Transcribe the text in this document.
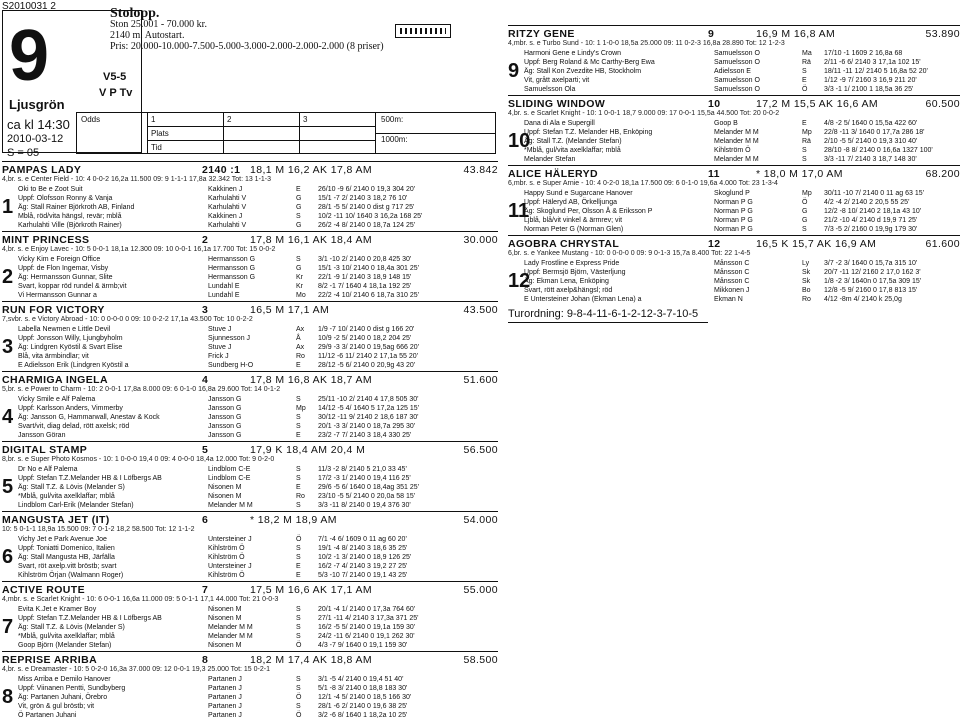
S2010031 2
9	V5-5
V P Tv
Ljusgrön
ca kl 14:30
2010-03-12
S = 05
Stolopp.
Ston 25.001 - 70.000 kr.
2140 m. Autostart.
Pris: 20.000-10.000-7.500-5.000-3.000-2.000-2.000-2.000 (8 priser)
Odds	1	2	3
Plats
Tid
500m:
1000m:
PAMPAS LADY	2140 :1 18,1 M 16,2 AK 17,8 AM	43.842
4,br. s. e Center Field - 10: 4 0-0-2 16,2a 11.500 09: 9 1-1-1 17,8a 32.342 Tot: 13 1-1-3
Oki to Be e Zoot Suit	Kakkinen J	E	26/10 -9 6/ 2140 0 19,3 304 20'
Uppf: Olofsson Ronny & Vanja	Karhulahti V	G	15/1 -7 2/ 2140 3 18,2 76 10'
1 Äg: Stall Rainer Björkroth AB, Finland	Karhulahti V	G	28/1 -5 5/ 2140 0 dist g 717 25'
Mblå, röd/vita hängsl, revär; mblå	Kakkinen J	S	10/2 -11 10/ 1640 3 16,2a 168 25'
Karhulahti Ville (Björkroth Rainer)	Karhulahti V	G	26/2 -4 8/ 2140 0 18,7a 124 25'
MINT PRINCESS	2	17,8 M 16,1 AK 18,4 AM	30.000
4,br. s. e Enjoy Lavec - 10: 5 0-0-1 18,1a 12.300 09: 10 0-0-1 16,1a 17.700 Tot: 15 0-0-2
Vicky Kim e Foreign Office	Hermansson G	S	3/1 -10 2/ 2140 0 20,8 425 30'
Uppf: de Flon Ingemar, Visby	Hermansson G	G	15/1 -3 10/ 2140 0 18,4a 301 25'
2 Äg: Hermansson Gunnar, Slite	Hermansson G	Kr	22/1 -9 1/ 2140 3 18,9 148 15'
Svart, koppar röd rundel & ärmb;vit	Lundahl E	Kr	8/2 -1 7/ 1640 4 18,1a 192 25'
Vi Hermansson Gunnar a	Lundahl E	Mo	22/2 -4 10/ 2140 6 18,7a 310 25'
RUN FOR VICTORY	3	16,5 M 17,1 AM	43.500
7,svbr. s. e Victory Abroad - 10: 0 0-0-0 0 09: 10 0-2-2 17,1a 43.500 Tot: 10 0-2-2
Labella Newmen e Little Devil	Stuve J	Ax	1/9 -7 10/ 2140 0 dist g 166 20'
Uppf: Jonsson Willy, Ljungbyholm	Sjunnesson J	Å	10/9 -2 5/ 2140 0 18,2 204 25'
3 Äg: Lindgren Kyöstil & Svart Elise	Stuve J	Ax	29/9 -3 3/ 2140 0 19,5ag 666 20'
Blå, vita ärmbindlar; vit	Frick J	Ro	11/12 -6 11/ 2140 2 17,1a 55 20'
E Adielsson Erik (Lindgren Kyöstil a	Sundberg H-O	E	28/12 -5 6/ 2140 0 20,9g 43 20'
CHARMIGA INGELA	4	17,8 M 16,8 AK 18,7 AM	51.600
5,br. s. e Power to Charm - 10: 2 0-0-1 17,8a 8.000 09: 6 0-1-0 16,8a 29.600 Tot: 14 0-1-2
Vicky Smile e Alf Palema	Jansson G	S	25/11 -10 2/ 2140 4 17,8 505 30'
Uppf: Karlsson Anders, Vimmerby	Jansson G	Mp	14/12 -5 4/ 1640 5 17,2a 125 15'
4 Äg: Jansson G, Hammarwall, Anestav & Kock	Jansson G	S	30/12 -11 9/ 2140 2 18,6 187 30'
Svart/vit, diag delad, rött axelsk; röd	Jansson G	S	20/1 -3 3/ 2140 0 18,7a 295 30'
Jansson Göran	Jansson G	E	23/2 -7 7/ 2140 3 18,4 330 25'
DIGITAL STAMP	5	17,9 K 18,4 AM 20,4 M	56.500
8,br. s. e Super Photo Kosmos - 10: 1 0-0-0 19,4 0 09: 4 0-0-0 18,4a 12.000 Tot: 9 0-2-0
Dr No e Alf Palema	Lindblom C-E	S	11/3 -2 8/ 2140 5 21,0 33 45'
Uppf: Stefan T.Z.Melander HB & I Löfbergs AB	Lindblom C-E	S	17/2 -3 1/ 2140 0 19,4 116 25'
5 Äg: Stall T.Z. & Lövis (Melander S)	Nisonen M	E	29/6 -5 6/ 1640 0 18,4ag 351 25'
*Mblå, gul/vita axelklaffar; mblå	Nisonen M	Ro	23/10 -5 5/ 2140 0 20,0a 58 15'
Lindblom Carl-Erik (Melander Stefan)	Melander M M	S	3/3 -11 8/ 2140 0 19,4 376 30'
MANGUSTA JET (IT)	6	* 18,2 M 18,9 AM	54.000
10: 5 0-1-1 18,9a 15.500 09: 7 0-1-2 18,2 58.500 Tot: 12 1-1-2
Vichy Jet e Park Avenue Joe	Untersteiner J	Ö	7/1 -4 6/ 1609 0 11 ag 60 20'
Uppf: Toniatti Domenico, Italien	Kihlström Ö	S	19/1 -4 8/ 2140 3 18,6 35 25'
6 Äg: Stall Mangusta HB, Järfälla	Kihlström Ö	S	10/2 -1 3/ 2140 0 18,9 126 25'
Svart, röt axelp.vitt bröstb; svart	Untersteiner J	E	16/2 -7 4/ 2140 3 19,2 27 25'
Kihlström Örjan (Walmann Roger)	Kihlström Ö	E	5/3 -10 7/ 2140 0 19,1 43 25'
ACTIVE ROUTE	7	17,5 M 16,6 AK 17,1 AM	55.000
4,mbr. s. e Scarlet Knight - 10: 6 0-0-1 16,6a 11.000 09: 5 0-1-1 17,1 44.000 Tot: 21 0-0-3
Evita K.Jet e Kramer Boy	Nisonen M	S	20/1 -4 1/ 2140 0 17,3a 764 60'
Uppf: Stefan T.Z.Melander HB & I Löfbergs AB	Nisonen M	S	27/1 -11 4/ 2140 3 17,3a 371 25'
7 Äg: Stall T.Z. & Lövis (Melander S)	Melander M M	S	16/2 -5 5/ 2140 0 19,1a 159 30'
*Mblå, gul/vita axelklaffar; mblå	Melander M M	S	24/2 -11 6/ 2140 0 19,1 262 30'
Goop Björn (Melander Stefan)	Nisonen M	Ö	4/3 -7 9/ 1640 0 19,1 159 30'
REPRISE ARRIBA	8	18,2 M 17,4 AK 18,8 AM	58.500
4,br. s. e Dreamaster - 10: 5 0-2-0 16,3a 37.000 09: 12 0-0-1 19,3 25.000 Tot: 15 0-2-1
Miss Arriba e Demilo Hanover	Partanen J	S	3/1 -5 4/ 2140 0 19,4 51 40'
Uppf: Viinanen Pentti, Sundbyberg	Partanen J	S	5/1 -8 3/ 2140 0 18,8 183 30'
8 Äg: Partanen Juhani, Örebro	Partanen J	Ö	12/1 -4 5/ 2140 0 18,5 166 30'
Vit, grön & gul bröstb; vit	Partanen J	S	28/1 -6 2/ 2140 0 19,6 38 25'
Ö Partanen Juhani	Partanen J	Ö	3/2 -6 8/ 1640 1 18,2a 10 25'
RITZY GENE	9	16,9 M 16,8 AM	53.890
4,mbr. s. e Turbo Sund - 10: 1 1-0-0 18,5a 25.000 09: 11 0-2-3 16,8a 28.890 Tot: 12 1-2-3
Harmoni Gene e Lindy's Crown	Samuelsson O	Ma	17/10 -1 1609 2 16,8a 68
Uppf: Berg Roland & Mc Carthy-Berg Ewa	Samuelsson O	Rä	2/11 -6 6/ 2140 3 17,1a 102 15'
9 Äg: Stall Kon Zvezdite HB, Stockholm	Adielsson E	S	18/11 -11 12/ 2140 5 16,8a 52 20'
Vit, grått axelparti; vit	Samuelsson O	E	1/12 -9 7/ 2160 3 16,9 211 20'
Samuelsson Ola	Samuelsson O	Ö	3/3 -1 1/ 2100 1 18,5a 36 25'
SLIDING WINDOW	10	17,2 M 15,5 AK 16,6 AM	60.500
4,br. s. e Scarlet Knight - 10: 1 0-0-1 18,7 9.000 09: 17 0-0-1 15,5a 44.500 Tot: 20 0-0-2
Dana di Ala e Supergill	Goop B	E	4/8 -2 5/ 1640 0 15,5a 422 60'
Uppf: Stefan T.Z. Melander HB, Enköping	Melander M M	Mp	22/8 -11 3/ 1640 0 17,7a 286 18'
10
Äg: Stall T.Z. (Melander Stefan)	Melander M M	Rä	2/10 -5 5/ 2140 0 19,3 310 40'
*Mblå, gul/vita axelklaffar; mblå	Kihlström Ö	S	28/10 -8 8/ 2140 0 16,6a 1327 100'
Melander Stefan	Melander M M	S	3/3 -11 7/ 2140 3 18,7 148 30'
ALICE HÄLERYD	11	* 18,0 M 17,0 AM	68.200
6,mbr. s. e Super Arnie - 10: 4 0-2-0 18,1a 17.500 09: 6 0-1-0 19,6a 4.000 Tot: 23 1-3-4
Happy Sund e Sugarcane Hanover	Skoglund P	Mp	30/11 -10 7/ 2140 0 11 ag 63 15'
Uppf: Häleryd AB, Örkelljunga	Norman P G	Ö	4/2 -4 2/ 2140 2 20,5 55 25'
11
Äg: Skoglund Per, Olsson Å & Eriksson P	Norman P G	G	12/2 -8 10/ 2140 2 18,1a 43 10'
Ljblå, blå/vit vinkel & ärmrev; vit	Norman P G	G	21/2 -10 4/ 2140 d 19,9 71 25'
Norman Peter G (Norman Glen)	Norman P G	S	7/3 -5 2/ 2160 0 19,9g 179 30'
AGOBRA CHRYSTAL	12	16,5 K 15,7 AK 16,9 AM	61.600
6,br. s. e Yankee Mustang - 10: 0 0-0-0 0 09: 9 0-1-3 15,7a 8.400 Tot: 22 1-4-5
Lady Frostline e Express Pride	Månsson C	Ly	3/7 -2 3/ 1640 0 15,7a 315 10'
Uppf: Bermsjö Björn, Västerljung	Månsson C	Sk	20/7 -11 12/ 2160 2 17,0 162 3'
12
Äg: Ekman Lena, Enköping	Månsson C	Sk	1/8 -2 3/ 1640n 0 17,5a 309 15'
Svart, rött axelp&hängsl; röd	Mikkonen J	Bo	12/8 -5 9/ 2160 0 17,8 813 15'
E Untersteiner Johan (Ekman Lena) a	Ekman N	Ro	4/12 -8m 4/ 2140 k 25,0g
Turordning: 9-8-4-11-6-1-2-12-3-7-10-5
